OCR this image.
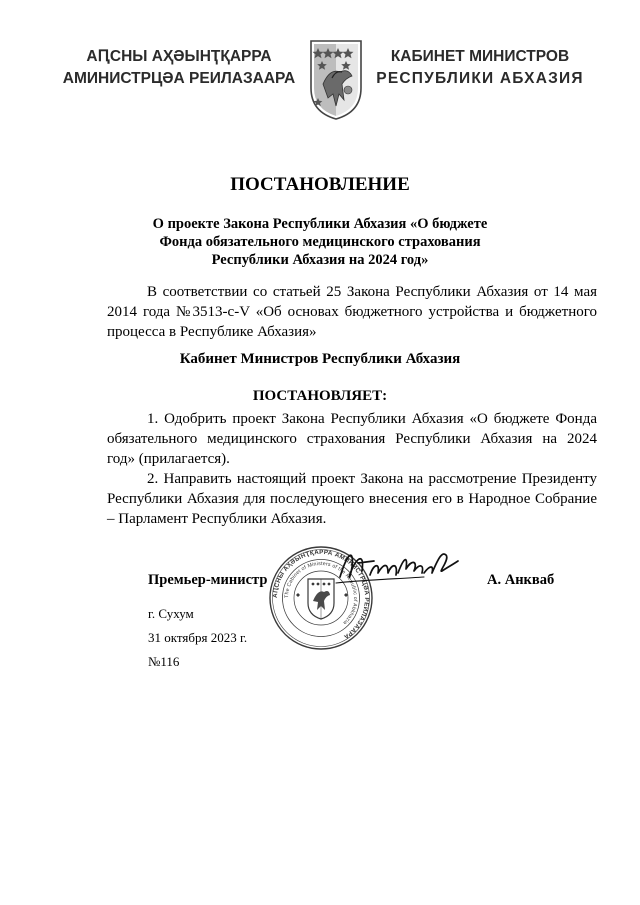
АԤСНЫ АҲӘЫНҬҚАРРА
АМИНИСТРЦӘА РЕИЛАЗААРА
КАБИНЕТ МИНИСТРОВ
РЕСПУБЛИКИ АБХАЗИЯ
ПОСТАНОВЛЕНИЕ
О проекте Закона Республики Абхазия «О бюджете
Фонда обязательного медицинского страхования
Республики Абхазия на 2024 год»
В соответствии со статьей 25 Закона Республики Абхазия от 14 мая
2014 года №3513-с-V «Об основах бюджетного устройства и бюджетного
процесса в Республике Абхазия»
Кабинет Министров Республики Абхазия
ПОСТАНОВЛЯЕТ:
1. Одобрить проект Закона Республики Абхазия «О бюджете Фонда
обязательного медицинского страхования Республики Абхазия на 2024
год» (прилагается).
2. Направить настоящий проект Закона на рассмотрение Президенту
Республики Абхазия для последующего внесения его в Народное Собрание
– Парламент Республики Абхазия.
АԤСНЫ АҲӘЫНҬҚАРРА АМИНИСТРЦӘА РЕИЛАЗААРА
The Cabinet of Ministers of the Republic of Abkhazia
Премьер-министр	А. Анкваб
г. Сухум
31 октября 2023 г.
№116
